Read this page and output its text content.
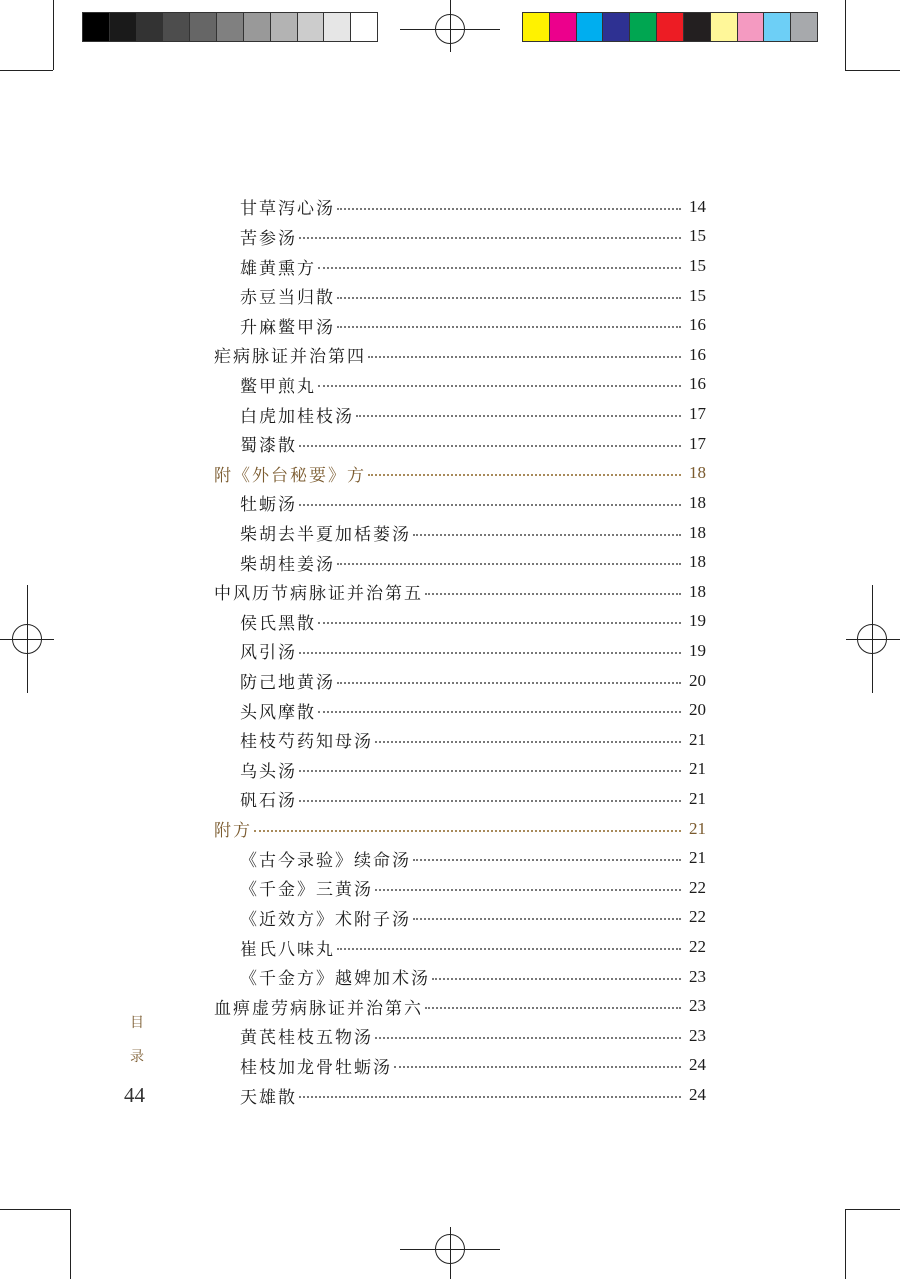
甘草泻心汤	14
苦参汤	15
雄黄熏方	15
赤豆当归散	15
升麻鳖甲汤	16
疟病脉证并治第四	16
鳖甲煎丸	16
白虎加桂枝汤	17
蜀漆散	17
附《外台秘要》方	18
牡蛎汤	18
柴胡去半夏加栝蒌汤	18
柴胡桂姜汤	18
中风历节病脉证并治第五	18
侯氏黑散	19
风引汤	19
防己地黄汤	20
头风摩散	20
桂枝芍药知母汤	21
乌头汤	21
矾石汤	21
附方	21
《古今录验》续命汤	21
《千金》三黄汤	22
《近效方》术附子汤	22
崔氏八味丸	22
《千金方》越婢加术汤	23
血痹虚劳病脉证并治第六	23
黄芪桂枝五物汤	23
桂枝加龙骨牡蛎汤	24
天雄散	24
目
录
44
